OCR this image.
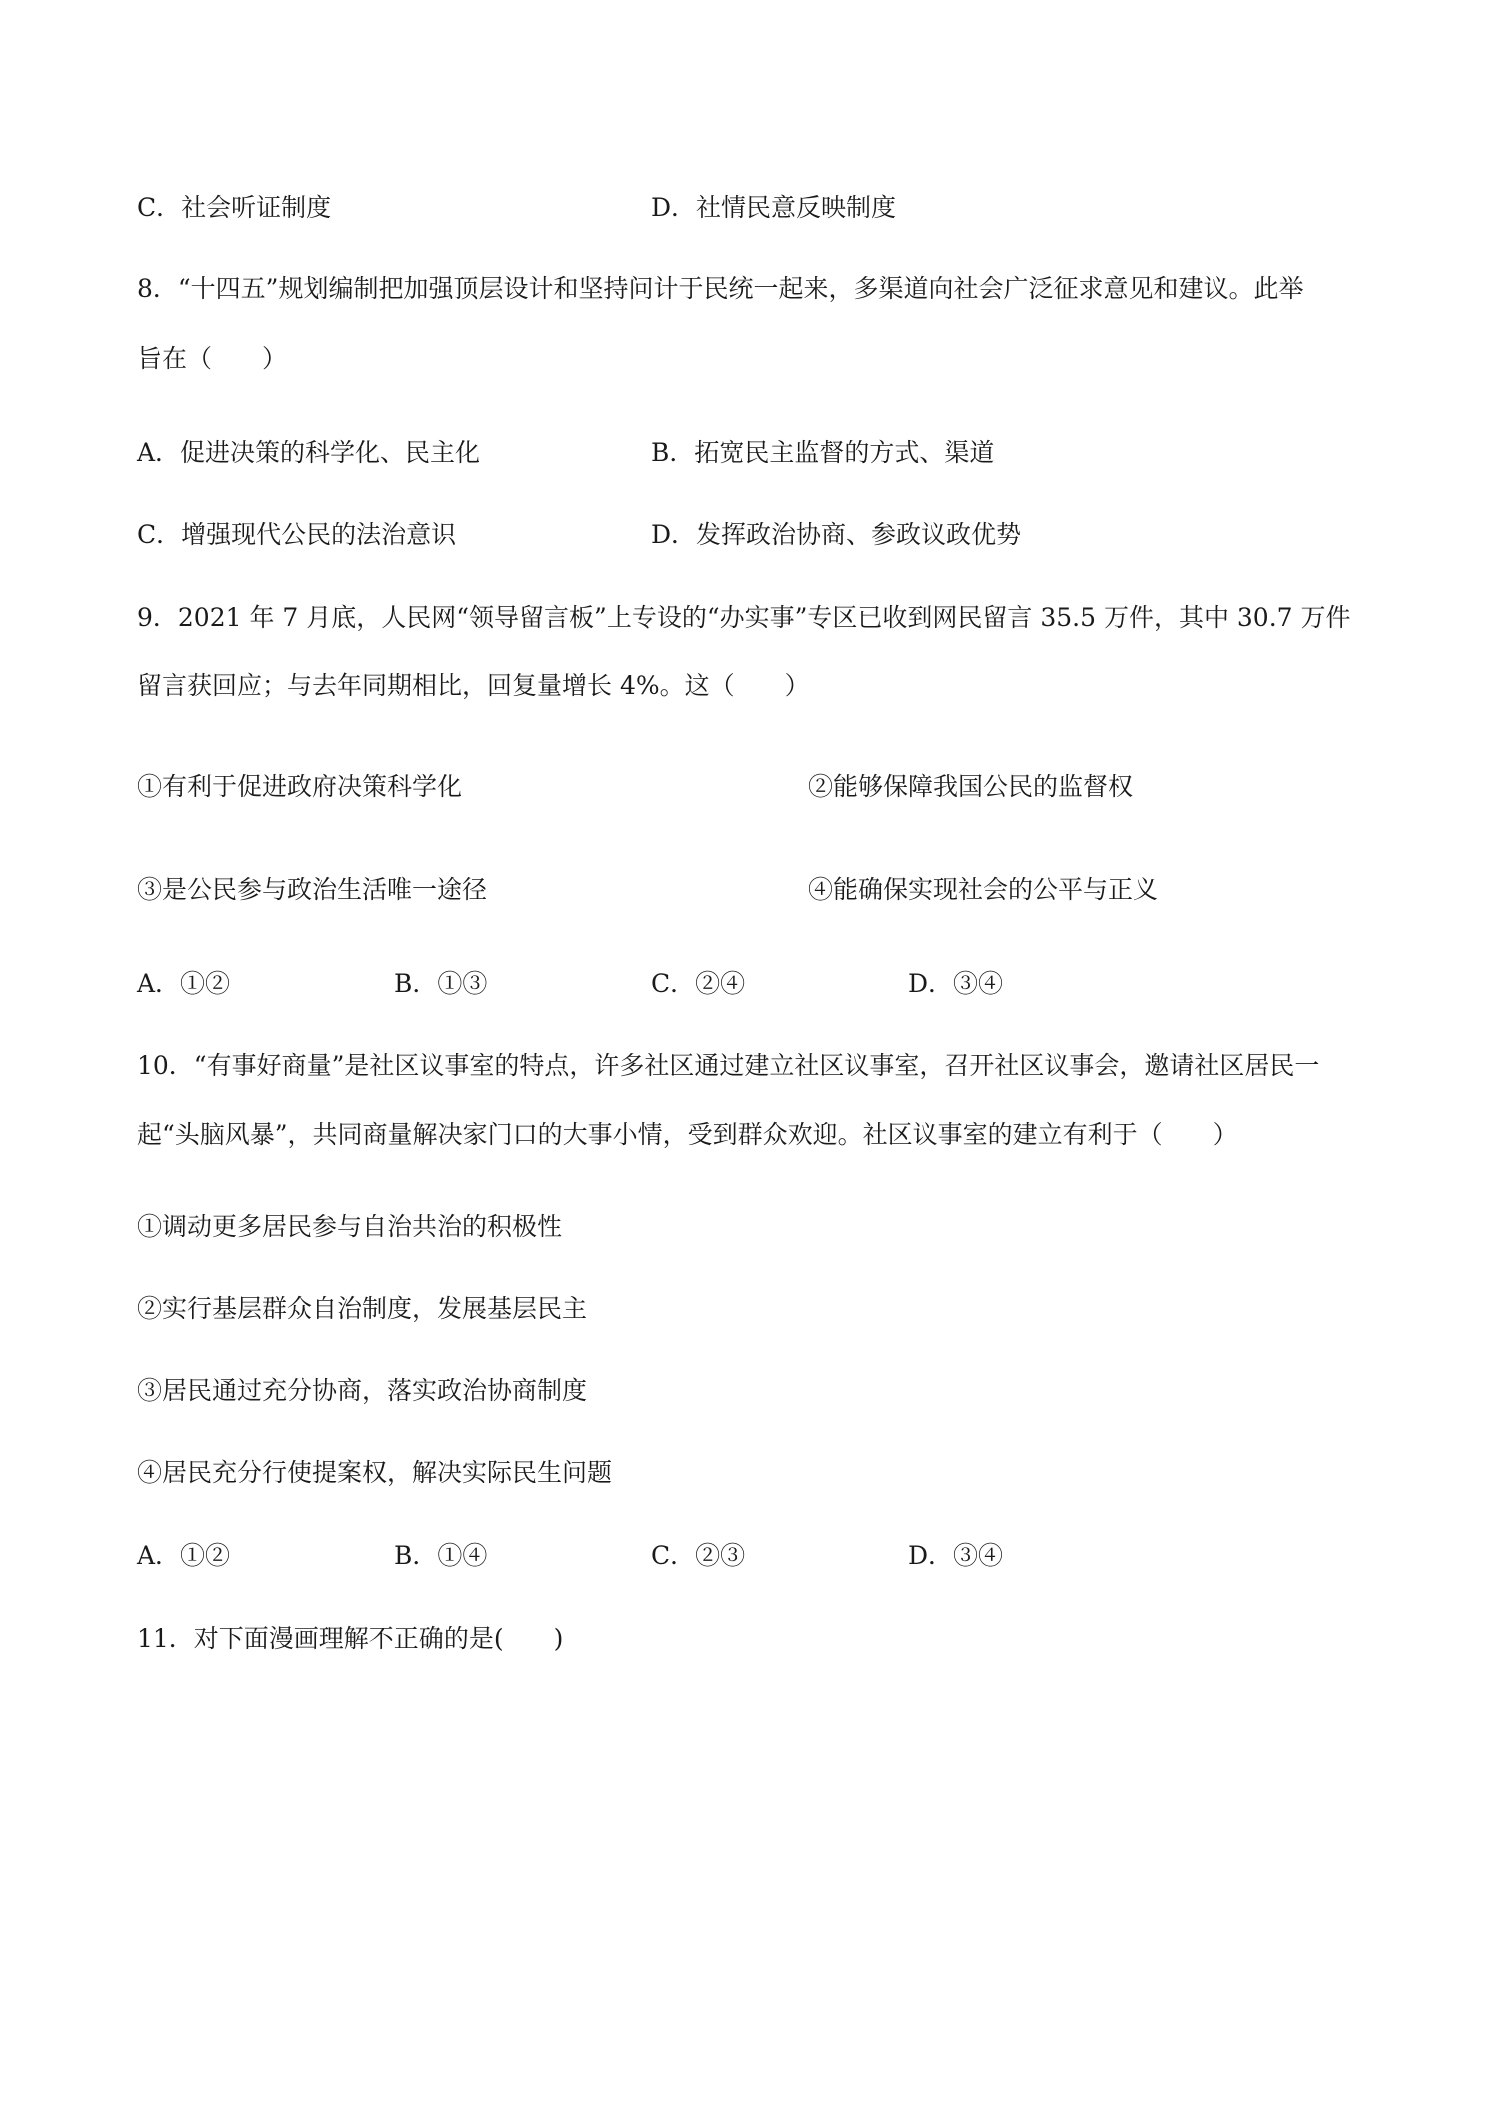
C．社会听证制度	D．社情民意反映制度
8．“十四五”规划编制把加强顶层设计和坚持问计于民统一起来，多渠道向社会广泛征求意见和建议。此举
旨在（　　）
A．促进决策的科学化、民主化	B．拓宽民主监督的方式、渠道
C．增强现代公民的法治意识	D．发挥政治协商、参政议政优势
9．2021 年 7 月底，人民网“领导留言板”上专设的“办实事”专区已收到网民留言 35.5 万件，其中 30.7 万件
留言获回应；与去年同期相比，回复量增长 4%。这（　　）
①有利于促进政府决策科学化	②能够保障我国公民的监督权
③是公民参与政治生活唯一途径	④能确保实现社会的公平与正义
A．①②	B．①③	C．②④	D．③④
10．“有事好商量”是社区议事室的特点，许多社区通过建立社区议事室，召开社区议事会，邀请社区居民一
起“头脑风暴”，共同商量解决家门口的大事小情，受到群众欢迎。社区议事室的建立有利于（　　）
①调动更多居民参与自治共治的积极性
②实行基层群众自治制度，发展基层民主
③居民通过充分协商，落实政治协商制度
④居民充分行使提案权，解决实际民生问题
A．①②	B．①④	C．②③	D．③④
11．对下面漫画理解不正确的是(　　)
